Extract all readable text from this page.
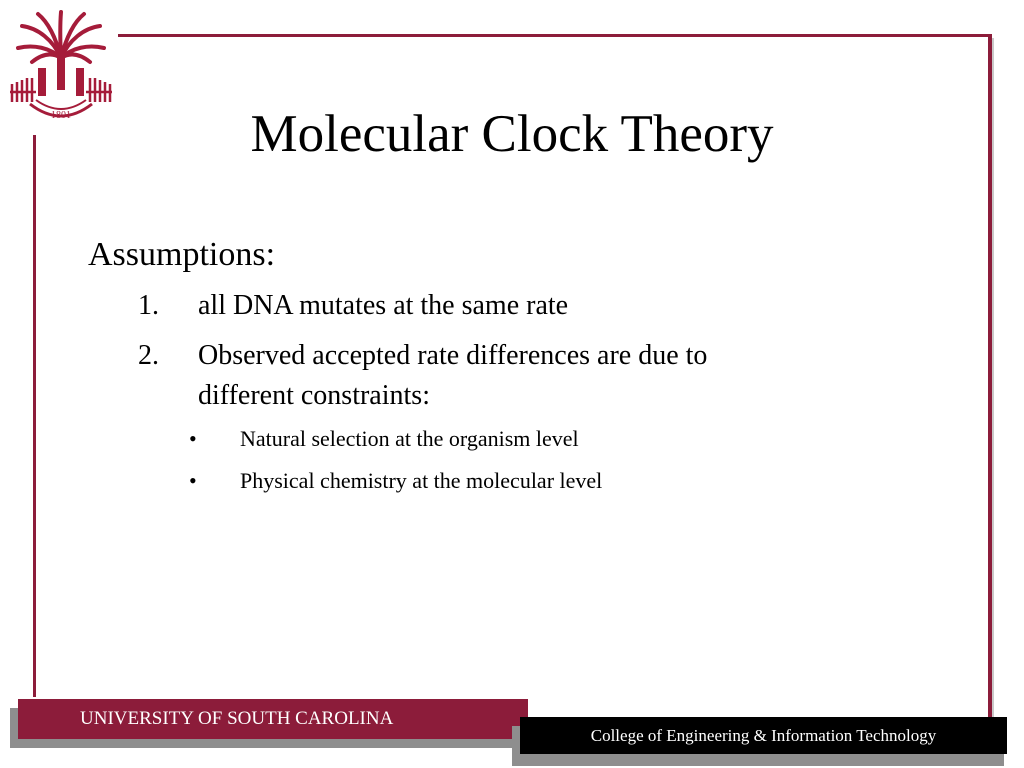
1801	Molecular Clock Theory
Assumptions:
1. all DNA mutates at the same rate
2. Observed accepted rate differences are due to
different constraints:
• Natural selection at the organism level
• Physical chemistry at the molecular level
UNIVERSITY OF SOUTH CAROLINA
College of Engineering & Information Technology
